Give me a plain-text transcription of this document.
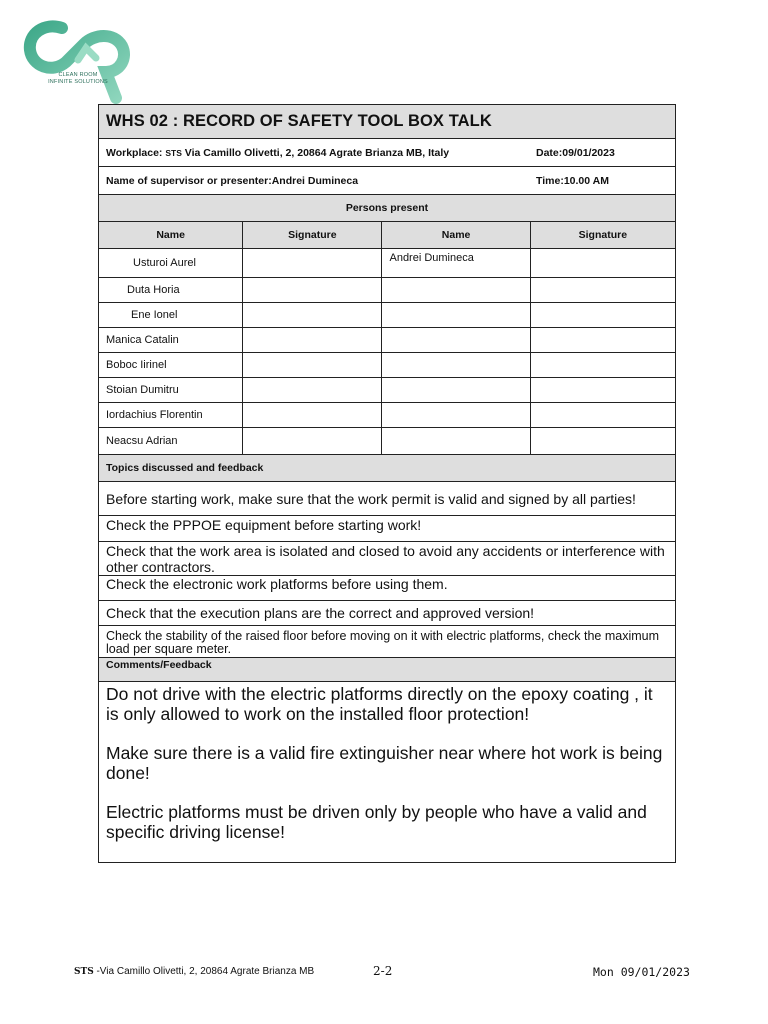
CLEAN ROOM
INFINITE SOLUTIONS
WHS 02 : RECORD OF SAFETY TOOL BOX TALK			

Date:09/01/2023
Workplace: STS Via Camillo Olivetti, 2, 20864 Agrate Brianza MB, Italy			

Time:10.00 AM
Name of supervisor or presenter:Andrei Dumineca			
Persons present			
Name	Signature	Name	Signature
Usturoi Aurel		Andrei Dumineca	
Duta Horia			
Ene Ionel			
Manica Catalin			
Boboc Iirinel			
Stoian Dumitru			
Iordachius Florentin			
Neacsu Adrian			
Topics discussed and feedback			
Before starting work, make sure that the work permit is valid and signed by all parties!			
Check the PPPOE equipment before starting work!			
Check that the work area is isolated and closed to avoid any accidents or interference with other contractors.			
Check the electronic work platforms before using them.			
Check that the execution plans are the correct and approved version!			
Check the stability of the raised floor before moving on it with electric platforms, check the maximum load per square meter.			
Comments/Feedback			

Do not drive with the electric platforms directly on the epoxy coating , it is only allowed to work on the installed floor protection!

Make sure there is a valid fire extinguisher near where hot work is being done!

Electric platforms must be driven only by people who have a valid and specific driving license!			

STS -Via Camillo Olivetti, 2, 20864 Agrate Brianza MB	2-2	Mon 09/01/2023
